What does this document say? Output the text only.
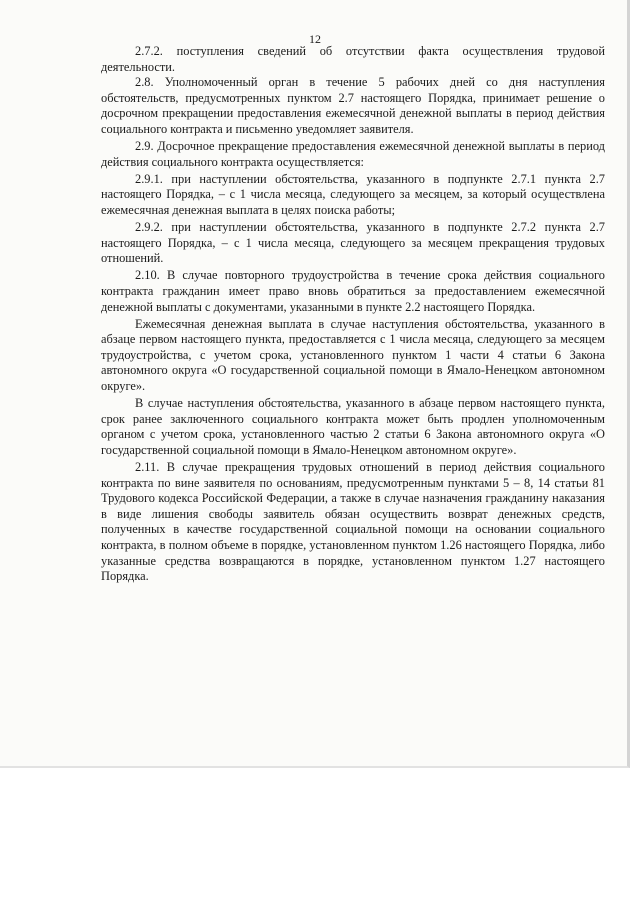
12

2.7.2. поступления сведений об отсутствии факта осуществления трудовой деятельности.

2.8. Уполномоченный орган в течение 5 рабочих дней со дня наступления обстоятельств, предусмотренных пунктом 2.7 настоящего Порядка, принимает решение о досрочном прекращении предоставления ежемесячной денежной выплаты в период действия социального контракта и письменно уведомляет заявителя.

2.9. Досрочное прекращение предоставления ежемесячной денежной выплаты в период действия социального контракта осуществляется:

2.9.1. при наступлении обстоятельства, указанного в подпункте 2.7.1 пункта 2.7 настоящего Порядка, – с 1 числа месяца, следующего за месяцем, за который осуществлена ежемесячная денежная выплата в целях поиска работы;

2.9.2. при наступлении обстоятельства, указанного в подпункте 2.7.2 пункта 2.7 настоящего Порядка, – с 1 числа месяца, следующего за месяцем прекращения трудовых отношений.

2.10. В случае повторного трудоустройства в течение срока действия социального контракта гражданин имеет право вновь обратиться за предоставлением ежемесячной денежной выплаты с документами, указанными в пункте 2.2 настоящего Порядка.

Ежемесячная денежная выплата в случае наступления обстоятельства, указанного в абзаце первом настоящего пункта, предоставляется с 1 числа месяца, следующего за месяцем трудоустройства, с учетом срока, установленного пунктом 1 части 4 статьи 6 Закона автономного округа «О государственной социальной помощи в Ямало-Ненецком автономном округе».

В случае наступления обстоятельства, указанного в абзаце первом настоящего пункта, срок ранее заключенного социального контракта может быть продлен уполномоченным органом с учетом срока, установленного частью 2 статьи 6 Закона автономного округа «О государственной социальной помощи в Ямало-Ненецком автономном округе».

2.11. В случае прекращения трудовых отношений в период действия социального контракта по вине заявителя по основаниям, предусмотренным пунктами 5 – 8, 14 статьи 81 Трудового кодекса Российской Федерации, а также в случае назначения гражданину наказания в виде лишения свободы заявитель обязан осуществить возврат денежных средств, полученных в качестве государственной социальной помощи на основании социального контракта, в полном объеме в порядке, установленном пунктом 1.26 настоящего Порядка, либо указанные средства возвращаются в порядке, установленном пунктом 1.27 настоящего Порядка.
